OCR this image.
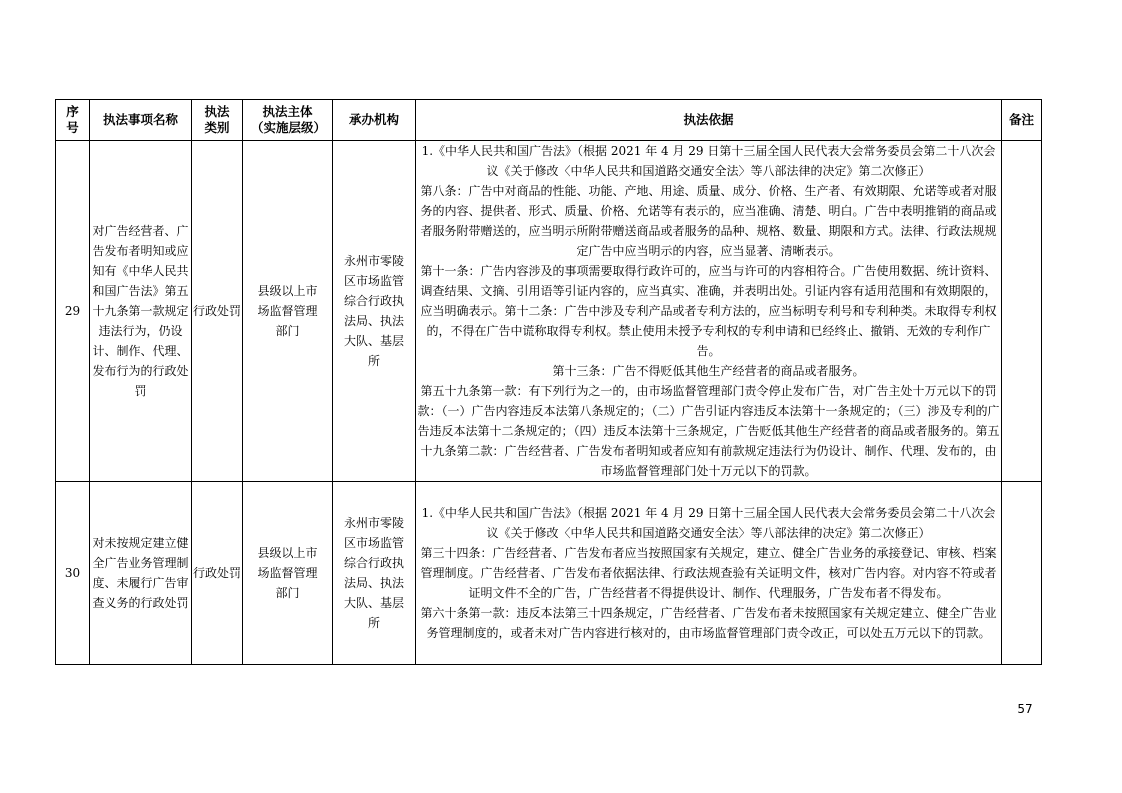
序号	执法事项名称	执法类别	执法主体（实施层级）	承办机构	执法依据	备注
29	对广告经营者、广告发布者明知或应知有《中华人民共和国广告法》第五十九条第一款规定违法行为，仍设计、制作、代理、发布行为的行政处罚	行政处罚	县级以上市场监督管理部门	永州市零陵区市场监管综合行政执法局、执法大队、基层所	1.《中华人民共和国广告法》（根据 2021 年 4 月 29 日第十三届全国人民代表大会常务委员会第二十八次会议《关于修改〈中华人民共和国道路交通安全法〉等八部法律的决定》第二次修正）

第八条：广告中对商品的性能、功能、产地、用途、质量、成分、价格、生产者、有效期限、允诺等或者对服务的内容、提供者、形式、质量、价格、允诺等有表示的，应当准确、清楚、明白。广告中表明推销的商品或者服务附带赠送的，应当明示所附带赠送商品或者服务的品种、规格、数量、期限和方式。法律、行政法规规定广告中应当明示的内容，应当显著、清晰表示。

第十一条：广告内容涉及的事项需要取得行政许可的，应当与许可的内容相符合。广告使用数据、统计资料、调查结果、文摘、引用语等引证内容的，应当真实、准确，并表明出处。引证内容有适用范围和有效期限的，应当明确表示。第十二条：广告中涉及专利产品或者专利方法的，应当标明专利号和专利种类。未取得专利权的，不得在广告中谎称取得专利权。禁止使用未授予专利权的专利申请和已经终止、撤销、无效的专利作广告。

第十三条：广告不得贬低其他生产经营者的商品或者服务。

第五十九条第一款：有下列行为之一的，由市场监督管理部门责令停止发布广告，对广告主处十万元以下的罚款：（一）广告内容违反本法第八条规定的；（二）广告引证内容违反本法第十一条规定的；（三）涉及专利的广告违反本法第十二条规定的；（四）违反本法第十三条规定，广告贬低其他生产经营者的商品或者服务的。第五十九条第二款：广告经营者、广告发布者明知或者应知有前款规定违法行为仍设计、制作、代理、发布的，由市场监督管理部门处十万元以下的罚款。	

30	对未按规定建立健全广告业务管理制度、未履行广告审查义务的行政处罚	行政处罚	县级以上市场监督管理部门	永州市零陵区市场监管综合行政执法局、执法大队、基层所	1.《中华人民共和国广告法》（根据 2021 年 4 月 29 日第十三届全国人民代表大会常务委员会第二十八次会议《关于修改〈中华人民共和国道路交通安全法〉等八部法律的决定》第二次修正）

第三十四条：广告经营者、广告发布者应当按照国家有关规定，建立、健全广告业务的承接登记、审核、档案管理制度。广告经营者、广告发布者依据法律、行政法规查验有关证明文件，核对广告内容。对内容不符或者证明文件不全的广告，广告经营者不得提供设计、制作、代理服务，广告发布者不得发布。

第六十条第一款：违反本法第三十四条规定，广告经营者、广告发布者未按照国家有关规定建立、健全广告业务管理制度的，或者未对广告内容进行核对的，由市场监督管理部门责令改正，可以处五万元以下的罚款。	

57
